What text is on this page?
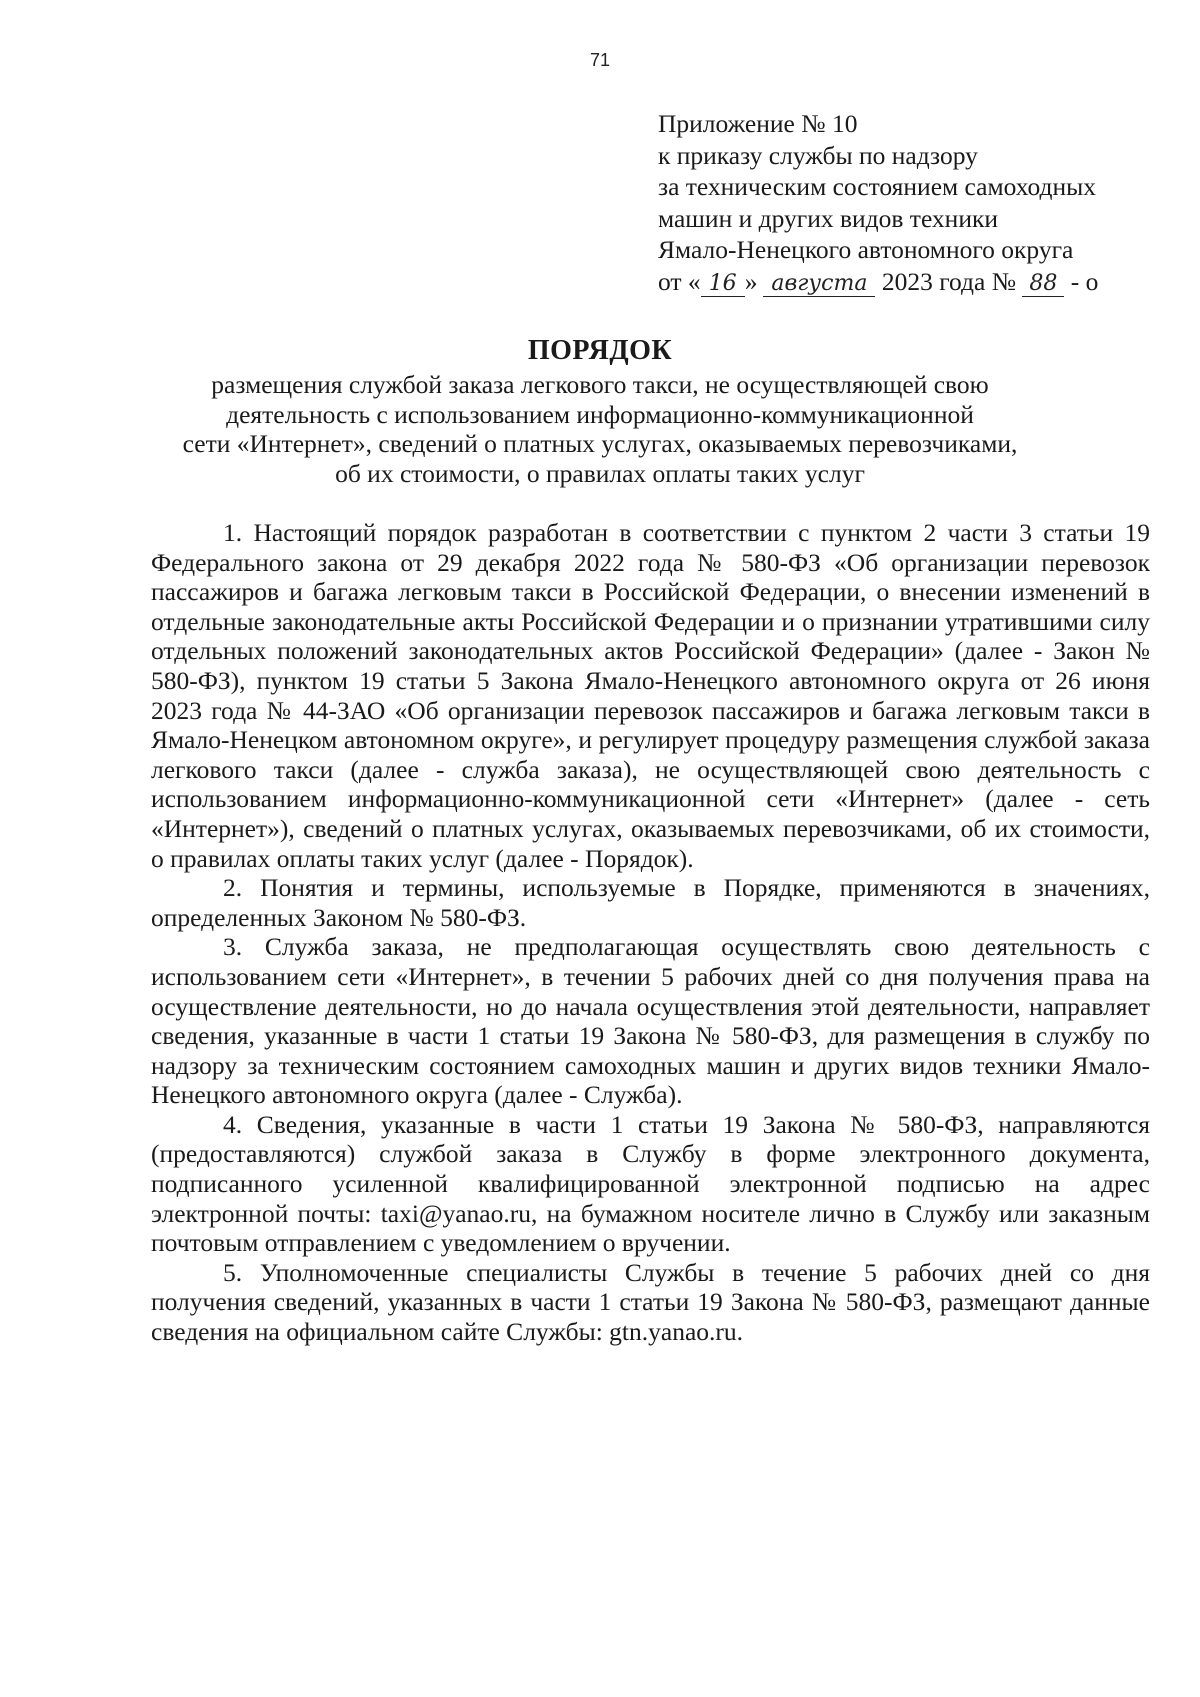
71
Приложение № 10
к приказу службы по надзору
за техническим состоянием самоходных
машин и других видов техники
Ямало-Ненецкого автономного округа
от « 16 » августа 2023 года № 88 - о
ПОРЯДОК
размещения службой заказа легкового такси, не осуществляющей свою
деятельность с использованием информационно-коммуникационной
сети «Интернет», сведений о платных услугах, оказываемых перевозчиками,
об их стоимости, о правилах оплаты таких услуг

1. Настоящий порядок разработан в соответствии с пунктом 2 части 3 статьи 19 Федерального закона от 29 декабря 2022 года № 580-ФЗ «Об организации перевозок пассажиров и багажа легковым такси в Российской Федерации, о внесении изменений в отдельные законодательные акты Российской Федерации и о признании утратившими силу отдельных положений законодательных актов Российской Федерации» (далее - Закон № 580-ФЗ), пунктом 19 статьи 5 Закона Ямало-Ненецкого автономного округа от 26 июня 2023 года № 44-ЗАО «Об организации перевозок пассажиров и багажа легковым такси в Ямало-Ненецком автономном округе», и регулирует процедуру размещения службой заказа легкового такси (далее - служба заказа), не осуществляющей свою деятельность с использованием информационно-коммуникационной сети «Интернет» (далее - сеть «Интернет»), сведений о платных услугах, оказываемых перевозчиками, об их стоимости, о правилах оплаты таких услуг (далее - Порядок).

2. Понятия и термины, используемые в Порядке, применяются в значениях, определенных Законом № 580-ФЗ.

3. Служба заказа, не предполагающая осуществлять свою деятельность с использованием сети «Интернет», в течении 5 рабочих дней со дня получения права на осуществление деятельности, но до начала осуществления этой деятельности, направляет сведения, указанные в части 1 статьи 19 Закона № 580-ФЗ, для размещения в службу по надзору за техническим состоянием самоходных машин и других видов техники Ямало-Ненецкого автономного округа (далее - Служба).

4. Сведения, указанные в части 1 статьи 19 Закона № 580-ФЗ, направляются (предоставляются) службой заказа в Службу в форме электронного документа, подписанного усиленной квалифицированной электронной подписью на адрес электронной почты: taxi@yanao.ru, на бумажном носителе лично в Службу или заказным почтовым отправлением с уведомлением о вручении.

5. Уполномоченные специалисты Службы в течение 5 рабочих дней со дня получения сведений, указанных в части 1 статьи 19 Закона № 580-ФЗ, размещают данные сведения на официальном сайте Службы: gtn.yanao.ru.
